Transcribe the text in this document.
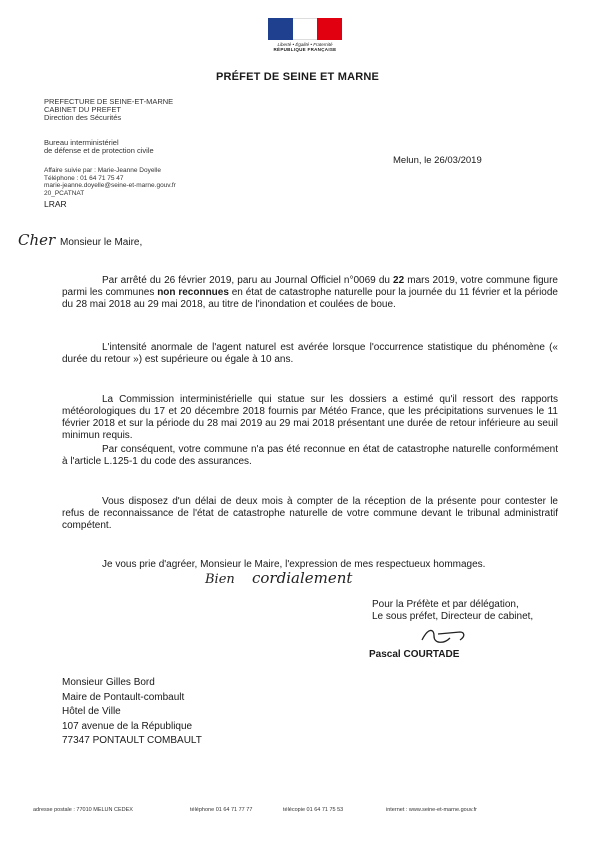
Liberté • Égalité • Fraternité
RÉPUBLIQUE FRANÇAISE
PRÉFET DE SEINE ET MARNE
PREFECTURE DE SEINE-ET-MARNE
CABINET DU PREFET
Direction des Sécurités
Bureau interministériel
de défense et de protection civile
Affaire suivie par : Marie-Jeanne Doyelle
Téléphone : 01 64 71 75 47
marie-jeanne.doyelle@seine-et-marne.gouv.fr
20_PCATNAT
LRAR
Melun, le 26/03/2019
Cher Monsieur le Maire,
Par arrêté du 26 février 2019, paru au Journal Officiel n°0069 du 22 mars 2019, votre commune figure parmi les communes non reconnues en état de catastrophe naturelle pour la journée du 11 février et la période du 28 mai 2018 au 29 mai 2018, au titre de l'inondation et coulées de boue.
L'intensité anormale de l'agent naturel est avérée lorsque l'occurrence statistique du phénomène (« durée du retour ») est supérieure ou égale à 10 ans.
La Commission interministérielle qui statue sur les dossiers a estimé qu'il ressort des rapports météorologiques du 17 et 20 décembre 2018 fournis par Météo France, que les précipitations survenues le 11 février 2018 et sur la période du 28 mai 2019 au 29 mai 2018 présentant une durée de retour inférieure au seuil minimun requis.
Par conséquent, votre commune n'a pas été reconnue en état de catastrophe naturelle conformément à l'article L.125-1 du code des assurances.
Vous disposez d'un délai de deux mois à compter de la réception de la présente pour contester le refus de reconnaissance de l'état de catastrophe naturelle de votre commune devant le tribunal administratif compétent.
Je vous prie d'agréer, Monsieur le Maire, l'expression de mes respectueux hommages.
Bien cordialement
Pour la Préfète et par délégation,
Le sous préfet, Directeur de cabinet,
Pascal COURTADE
Monsieur Gilles Bord
Maire de Pontault-combault
Hôtel de Ville
107 avenue de la République
77347 PONTAULT COMBAULT
adresse postale : 77010 MELUN CEDEX	téléphone 01 64 71 77 77	télécopie 01 64 71 75 53	internet : www.seine-et-marne.gouv.fr
